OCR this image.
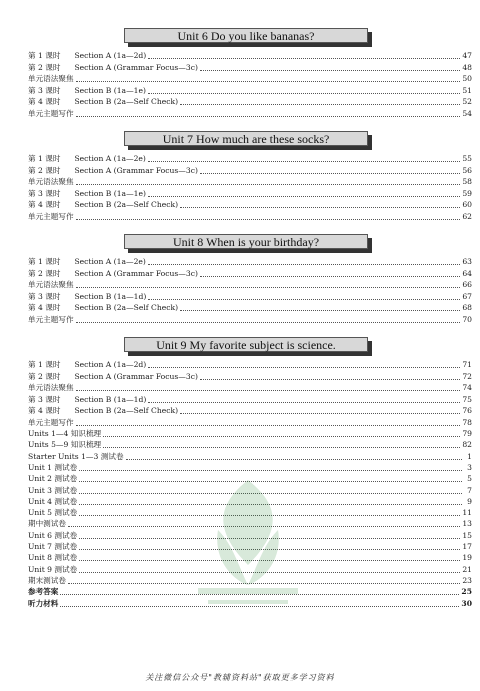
Unit 6 Do you like bananas?
Unit 7 How much are these socks?
Unit 8 When is your birthday?
Unit 9 My favorite subject is science.
第 1 课时 Section A (1a—2d)	47
第 2 课时 Section A (Grammar Focus—3c)	48
单元语法聚焦	50
第 3 课时 Section B (1a—1e)	51
第 4 课时 Section B (2a—Self Check)	52
单元主题写作	54
第 1 课时 Section A (1a—2e)	55
第 2 课时 Section A (Grammar Focus—3c)	56
单元语法聚焦	58
第 3 课时 Section B (1a—1e)	59
第 4 课时 Section B (2a—Self Check)	60
单元主题写作	62
第 1 课时 Section A (1a—2e)	63
第 2 课时 Section A (Grammar Focus—3c)	64
单元语法聚焦	66
第 3 课时 Section B (1a—1d)	67
第 4 课时 Section B (2a—Self Check)	68
单元主题写作	70
第 1 课时 Section A (1a—2d)	71
第 2 课时 Section A (Grammar Focus—3c)	72
单元语法聚焦	74
第 3 课时 Section B (1a—1d)	75
第 4 课时 Section B (2a—Self Check)	76
单元主题写作	78
Units 1—4 知识梳理	79
Units 5—9 知识梳理	82
Starter Units 1—3 测试卷	1
Unit 1 测试卷	3
Unit 2 测试卷	5
Unit 3 测试卷	7
Unit 4 测试卷	9
Unit 5 测试卷	11
期中测试卷	13
Unit 6 测试卷	15
Unit 7 测试卷	17
Unit 8 测试卷	19
Unit 9 测试卷	21
期末测试卷	23
参考答案	25
听力材料	30
关注微信公众号"教辅资料站"获取更多学习资料
